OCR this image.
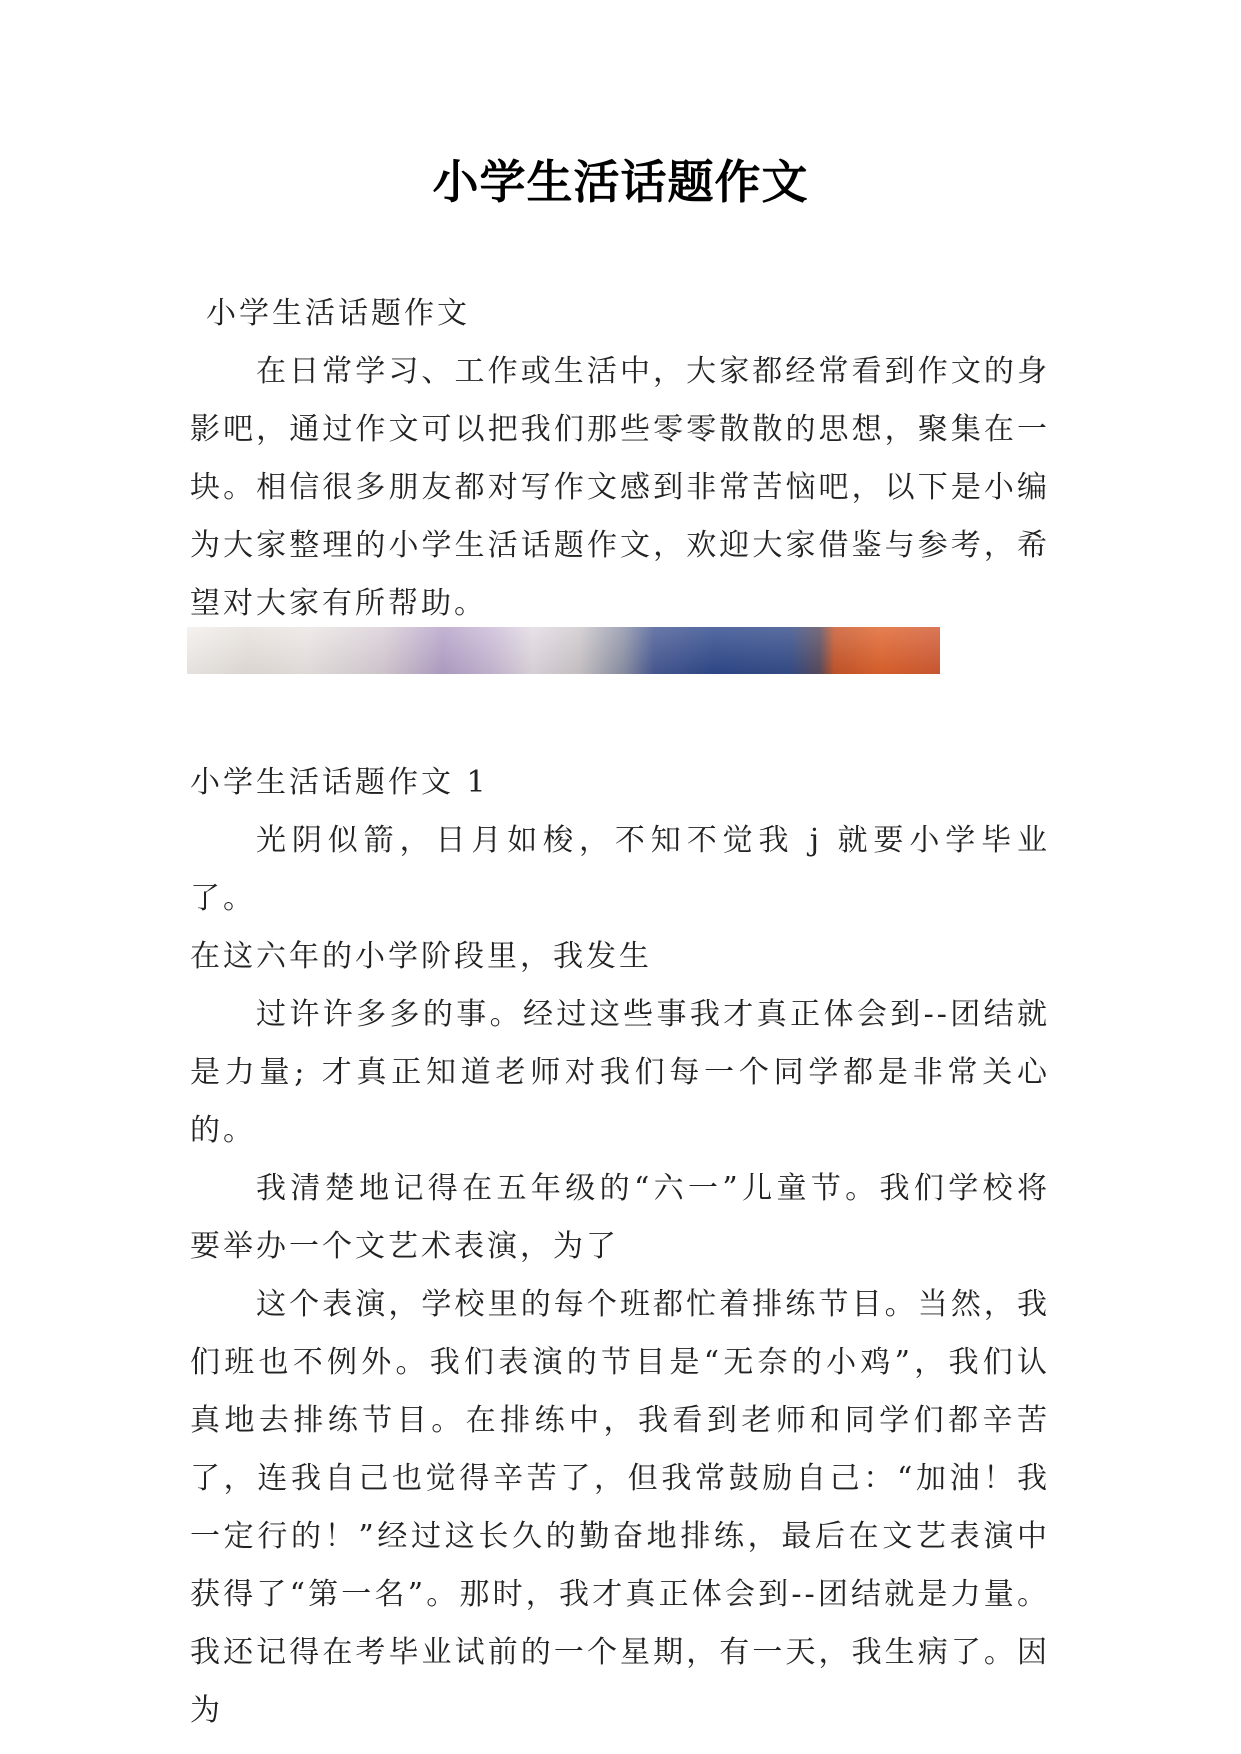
小学生活话题作文

小学生活话题作文

在日常学习、工作或生活中，大家都经常看到作文的身影吧，通过作文可以把我们那些零零散散的思想，聚集在一块。相信很多朋友都对写作文感到非常苦恼吧，以下是小编为大家整理的小学生活话题作文，欢迎大家借鉴与参考，希望对大家有所帮助。

小学生活话题作文 1

光阴似箭，日月如梭，不知不觉我 j 就要小学毕业了。

在这六年的小学阶段里，我发生

过许许多多的事。经过这些事我才真正体会到--团结就是力量; 才真正知道老师对我们每一个同学都是非常关心的。

我清楚地记得在五年级的“六一”儿童节。我们学校将要举办一个文艺术表演，为了

这个表演，学校里的每个班都忙着排练节目。当然，我们班也不例外。我们表演的节目是“无奈的小鸡”，我们认真地去排练节目。在排练中，我看到老师和同学们都辛苦了，连我自己也觉得辛苦了，但我常鼓励自己：“加油！我一定行的！”经过这长久的勤奋地排练，最后在文艺表演中获得了“第一名”。那时，我才真正体会到--团结就是力量。 我还记得在考毕业试前的一个星期，有一天，我生病了。因为
